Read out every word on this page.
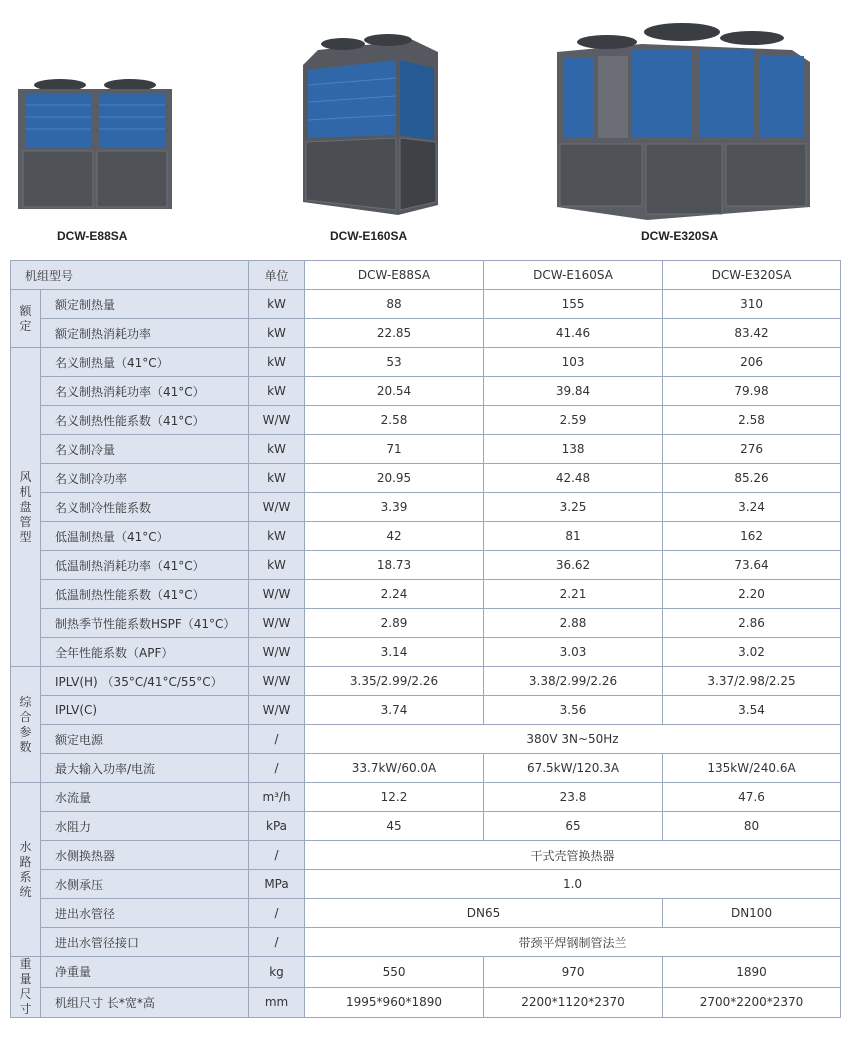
DCW-E88SA	DCW-E160SA	DCW-E320SA
机组型号		单位	DCW-E88SA	DCW-E160SA	DCW-E320SA
额定	额定制热量	kW	88	155	310
	额定制热消耗功率	kW	22.85	41.46	83.42
风机盘管型	名义制热量（41°C）	kW	53	103	206
	名义制热消耗功率（41°C）	kW	20.54	39.84	79.98
	名义制热性能系数（41°C）	W/W	2.58	2.59	2.58
	名义制冷量	kW	71	138	276
	名义制冷功率	kW	20.95	42.48	85.26
	名义制冷性能系数	W/W	3.39	3.25	3.24
	低温制热量（41°C）	kW	42	81	162
	低温制热消耗功率（41°C）	kW	18.73	36.62	73.64
	低温制热性能系数（41°C）	W/W	2.24	2.21	2.20
	制热季节性能系数HSPF（41°C）	W/W	2.89	2.88	2.86
	全年性能系数（APF）	W/W	3.14	3.03	3.02
综合参数	IPLV(H) （35°C/41°C/55°C）	W/W	3.35/2.99/2.26	3.38/2.99/2.26	3.37/2.98/2.25
	IPLV(C)	W/W	3.74	3.56	3.54
	额定电源	/	380V 3N~50Hz		
	最大输入功率/电流	/	33.7kW/60.0A	67.5kW/120.3A	135kW/240.6A
水路系统	水流量	m³/h	12.2	23.8	47.6
	水阻力	kPa	45	65	80
	水侧换热器	/	干式壳管换热器		
	水侧承压	MPa	1.0		
	进出水管径	/	DN65		DN100
	进出水管径接口	/	带颈平焊钢制管法兰		
重量尺寸	净重量	kg	550	970	1890
	机组尺寸 长*宽*高	mm	1995*960*1890	2200*1120*2370	2700*2200*2370
